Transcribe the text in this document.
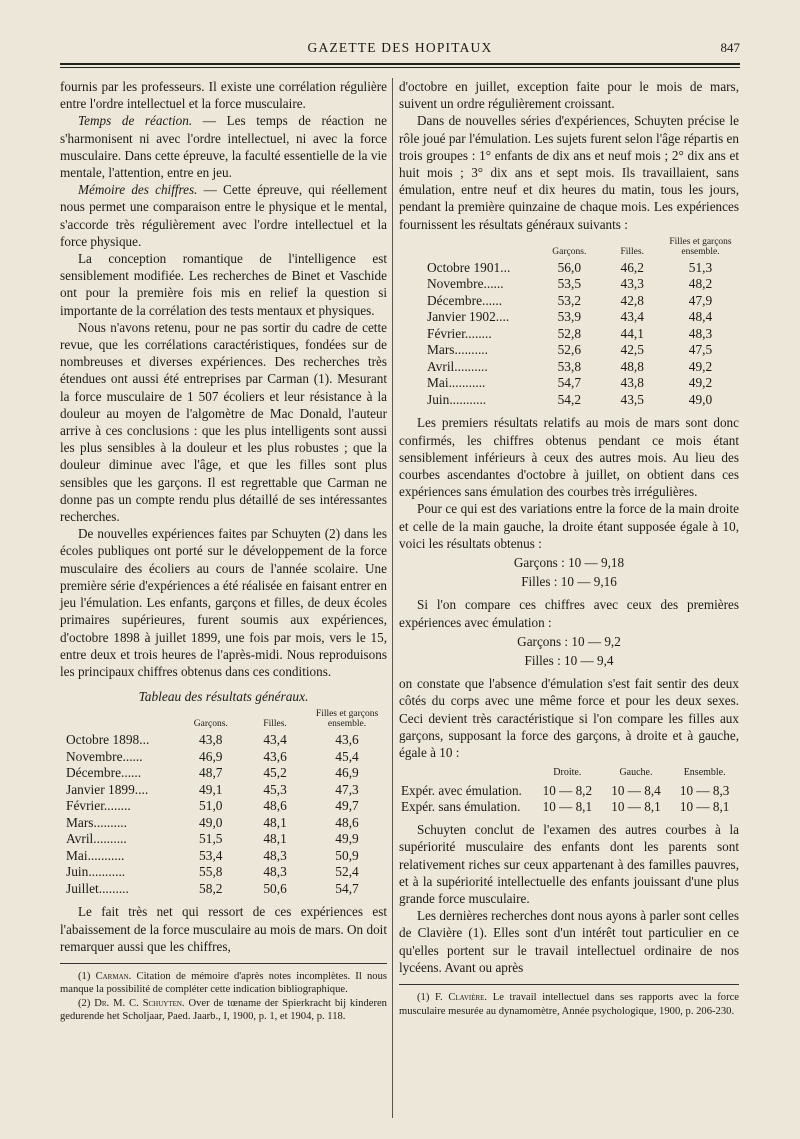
GAZETTE DES HOPITAUX	847

fournis par les professeurs. Il existe une corrélation régulière entre l'ordre intellectuel et la force musculaire.

Temps de réaction. — Les temps de réaction ne s'harmonisent ni avec l'ordre intellectuel, ni avec la force musculaire. Dans cette épreuve, la faculté essentielle de la vie mentale, l'attention, entre en jeu.

Mémoire des chiffres. — Cette épreuve, qui réellement nous permet une comparaison entre le physique et le mental, s'accorde très régulièrement avec l'ordre intellectuel et la force physique.

La conception romantique de l'intelligence est sensiblement modifiée. Les recherches de Binet et Vaschide ont pour la première fois mis en relief la question si importante de la corrélation des tests mentaux et physiques.

Nous n'avons retenu, pour ne pas sortir du cadre de cette revue, que les corrélations caractéristiques, fondées sur de nombreuses et diverses expériences. Des recherches très étendues ont aussi été entreprises par Carman (1). Mesurant la force musculaire de 1 507 écoliers et leur résistance à la douleur au moyen de l'algomètre de Mac Donald, l'auteur arrive à ces conclusions : que les plus intelligents sont aussi les plus sensibles à la douleur et les plus robustes ; que la douleur diminue avec l'âge, et que les filles sont plus sensibles que les garçons. Il est regrettable que Carman ne donne pas un compte rendu plus détaillé de ses intéressantes recherches.

De nouvelles expériences faites par Schuyten (2) dans les écoles publiques ont porté sur le développement de la force musculaire des écoliers au cours de l'année scolaire. Une première série d'expériences a été réalisée en faisant entrer en jeu l'émulation. Les enfants, garçons et filles, de deux écoles primaires supérieures, furent soumis aux expériences, d'octobre 1898 à juillet 1899, une fois par mois, vers le 15, entre deux et trois heures de l'après-midi. Nous reproduisons les principaux chiffres obtenus dans ces conditions.

Tableau des résultats généraux.
	Garçons.	Filles.	Filles et garçons ensemble.
Octobre 1898...	43,8	43,4	43,6
Novembre......	46,9	43,6	45,4
Décembre......	48,7	45,2	46,9
Janvier 1899....	49,1	45,3	47,3
Février........	51,0	48,6	49,7
Mars..........	49,0	48,1	48,6
Avril..........	51,5	48,1	49,9
Mai...........	53,4	48,3	50,9
Juin...........	55,8	48,3	52,4
Juillet.........	58,2	50,6	54,7

Le fait très net qui ressort de ces expériences est l'abaissement de la force musculaire au mois de mars. On doit remarquer aussi que les chiffres,

(1) Carman. Citation de mémoire d'après notes incomplètes. Il nous manque la possibilité de compléter cette indication bibliographique.

(2) Dr. M. C. Schuyten. Over de tœname der Spierkracht bij kinderen gedurende het Scholjaar, Paed. Jaarb., I, 1900, p. 1, et 1904, p. 118.

d'octobre en juillet, exception faite pour le mois de mars, suivent un ordre régulièrement croissant.

Dans de nouvelles séries d'expériences, Schuyten précise le rôle joué par l'émulation. Les sujets furent selon l'âge répartis en trois groupes : 1° enfants de dix ans et neuf mois ; 2° dix ans et huit mois ; 3° dix ans et sept mois. Ils travaillaient, sans émulation, entre neuf et dix heures du matin, tous les jours, pendant la première quinzaine de chaque mois. Les expériences fournissent les résultats généraux suivants :

	Garçons.	Filles.	Filles et garçons ensemble.
Octobre 1901...	56,0	46,2	51,3
Novembre......	53,5	43,3	48,2
Décembre......	53,2	42,8	47,9
Janvier 1902....	53,9	43,4	48,4
Février........	52,8	44,1	48,3
Mars..........	52,6	42,5	47,5
Avril..........	53,8	48,8	49,2
Mai...........	54,7	43,8	49,2
Juin...........	54,2	43,5	49,0

Les premiers résultats relatifs au mois de mars sont donc confirmés, les chiffres obtenus pendant ce mois étant sensiblement inférieurs à ceux des autres mois. Au lieu des courbes ascendantes d'octobre à juillet, on obtient dans ces expériences sans émulation des courbes très irrégulières.

Pour ce qui est des variations entre la force de la main droite et celle de la main gauche, la droite étant supposée égale à 10, voici les résultats obtenus :

Garçons : 10 — 9,18
Filles : 10 — 9,16

Si l'on compare ces chiffres avec ceux des premières expériences avec émulation :

Garçons : 10 — 9,2
Filles : 10 — 9,4

on constate que l'absence d'émulation s'est fait sentir des deux côtés du corps avec une même force et pour les deux sexes. Ceci devient très caractéristique si l'on compare les filles aux garçons, supposant la force des garçons, à droite et à gauche, égale à 10 :

	Droite.	Gauche.	Ensemble.
Expér. avec émulation.	10 — 8,2	10 — 8,4	10 — 8,3
Expér. sans émulation.	10 — 8,1	10 — 8,1	10 — 8,1

Schuyten conclut de l'examen des autres courbes à la supériorité musculaire des enfants dont les parents sont relativement riches sur ceux appartenant à des familles pauvres, et à la supériorité intellectuelle des enfants jouissant d'une plus grande force musculaire.

Les dernières recherches dont nous ayons à parler sont celles de Clavière (1). Elles sont d'un intérêt tout particulier en ce qu'elles portent sur le travail intellectuel ordinaire de nos lycéens. Avant ou après

(1) F. Clavière. Le travail intellectuel dans ses rapports avec la force musculaire mesurée au dynamomètre, Année psychologique, 1900, p. 206-230.
